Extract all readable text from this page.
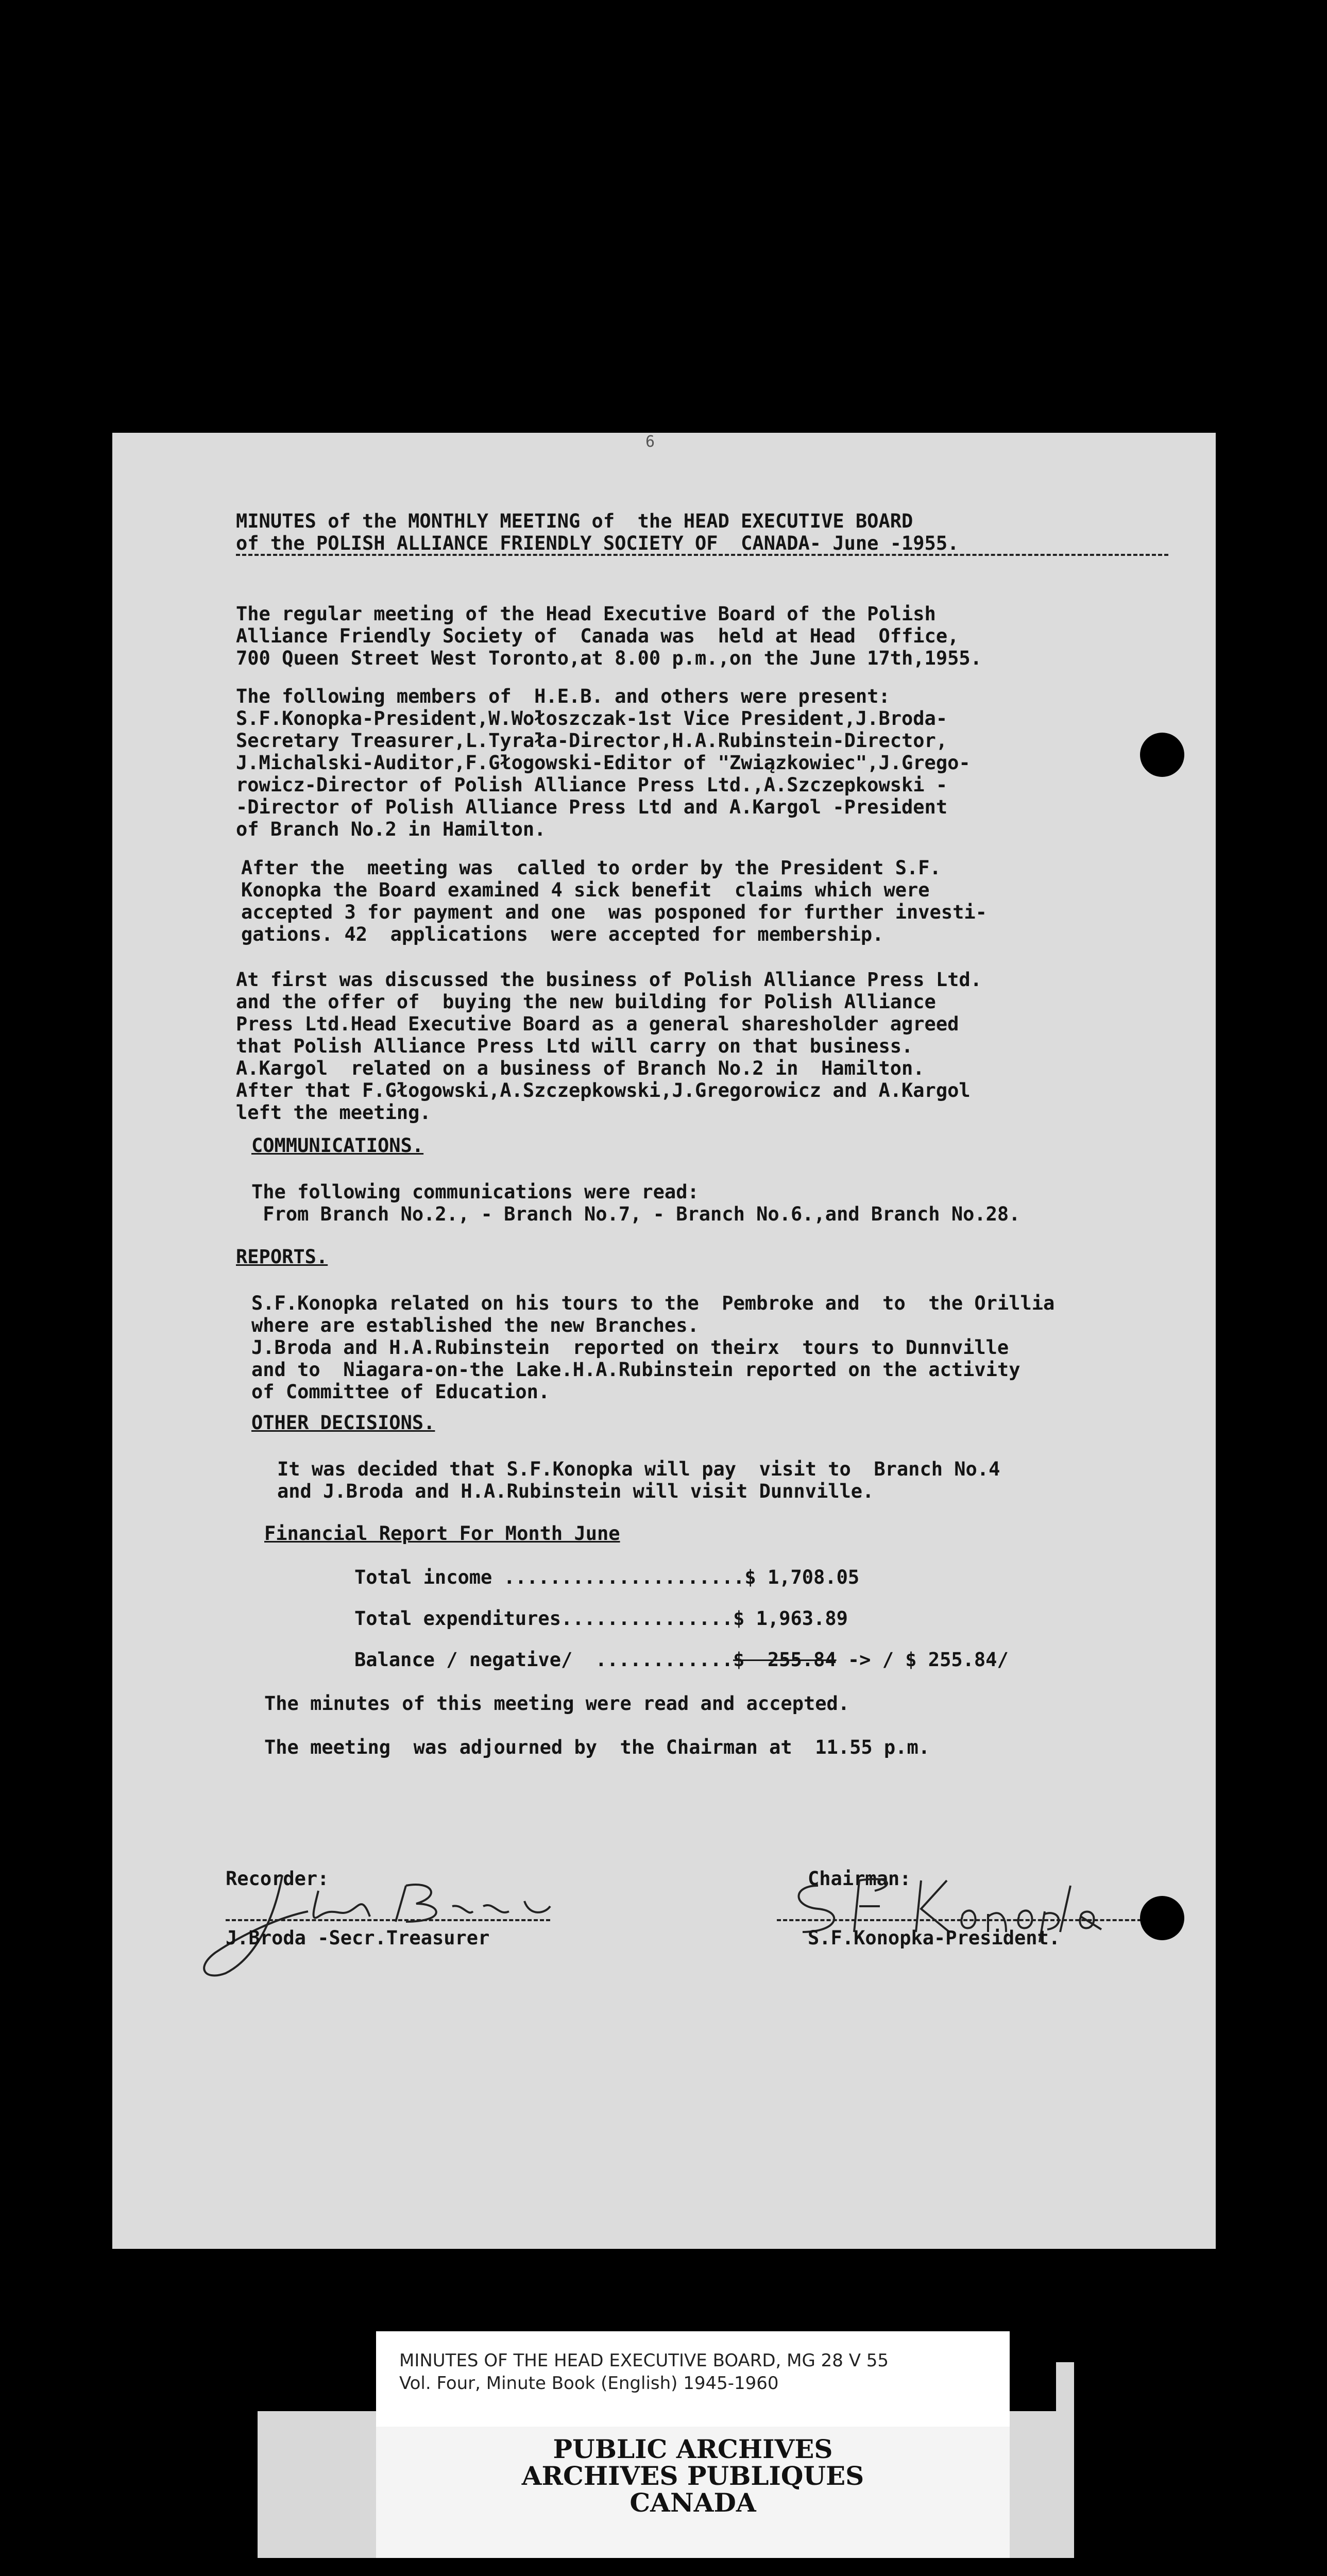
6
MINUTES of the MONTHLY MEETING of  the HEAD EXECUTIVE BOARD
of the POLISH ALLIANCE FRIENDLY SOCIETY OF  CANADA- June -1955.
The regular meeting of the Head Executive Board of the Polish
Alliance Friendly Society of  Canada was  held at Head  Office,
700 Queen Street West Toronto,at 8.00 p.m.,on the June 17th,1955.
The following members of  H.E.B. and others were present:
S.F.Konopka-President,W.Wołoszczak-1st Vice President,J.Broda-
Secretary Treasurer,L.Tyrała-Director,H.A.Rubinstein-Director,
J.Michalski-Auditor,F.Głogowski-Editor of "Związkowiec",J.Grego-
rowicz-Director of Polish Alliance Press Ltd.,A.Szczepkowski -
-Director of Polish Alliance Press Ltd and A.Kargol -President
of Branch No.2 in Hamilton.
After the  meeting was  called to order by the President S.F.
Konopka the Board examined 4 sick benefit  claims which were
accepted 3 for payment and one  was posponed for further investi-
gations. 42  applications  were accepted for membership.
At first was discussed the business of Polish Alliance Press Ltd.
and the offer of  buying the new building for Polish Alliance
Press Ltd.Head Executive Board as a general sharesholder agreed
that Polish Alliance Press Ltd will carry on that business.
A.Kargol  related on a business of Branch No.2 in  Hamilton.
After that F.Głogowski,A.Szczepkowski,J.Gregorowicz and A.Kargol
left the meeting.
COMMUNICATIONS.
The following communications were read:
From Branch No.2., - Branch No.7, - Branch No.6.,and Branch No.28.
REPORTS.
S.F.Konopka related on his tours to the  Pembroke and  to  the Orillia
where are established the new Branches.
J.Broda and H.A.Rubinstein  reported on theirx  tours to Dunnville
and to  Niagara-on-the Lake.H.A.Rubinstein reported on the activity
of Committee of Education.
OTHER DECISIONS.
It was decided that S.F.Konopka will pay  visit to  Branch No.4
and J.Broda and H.A.Rubinstein will visit Dunnville.
Financial Report For Month June
Total income .....................$ 1,708.05
Total expenditures...............$ 1,963.89
Balance / negative/  ............$  255.84 -> / $ 255.84/
The minutes of this meeting were read and accepted.
The meeting  was adjourned by  the Chairman at  11.55 p.m.
Recorder:
J.Broda -Secr.Treasurer
Chairman:
S.F.Konopka-President.
MINUTES OF THE HEAD EXECUTIVE BOARD, MG 28 V 55
Vol. Four, Minute Book (English) 1945-1960
PUBLIC ARCHIVES
ARCHIVES PUBLIQUES
CANADA
